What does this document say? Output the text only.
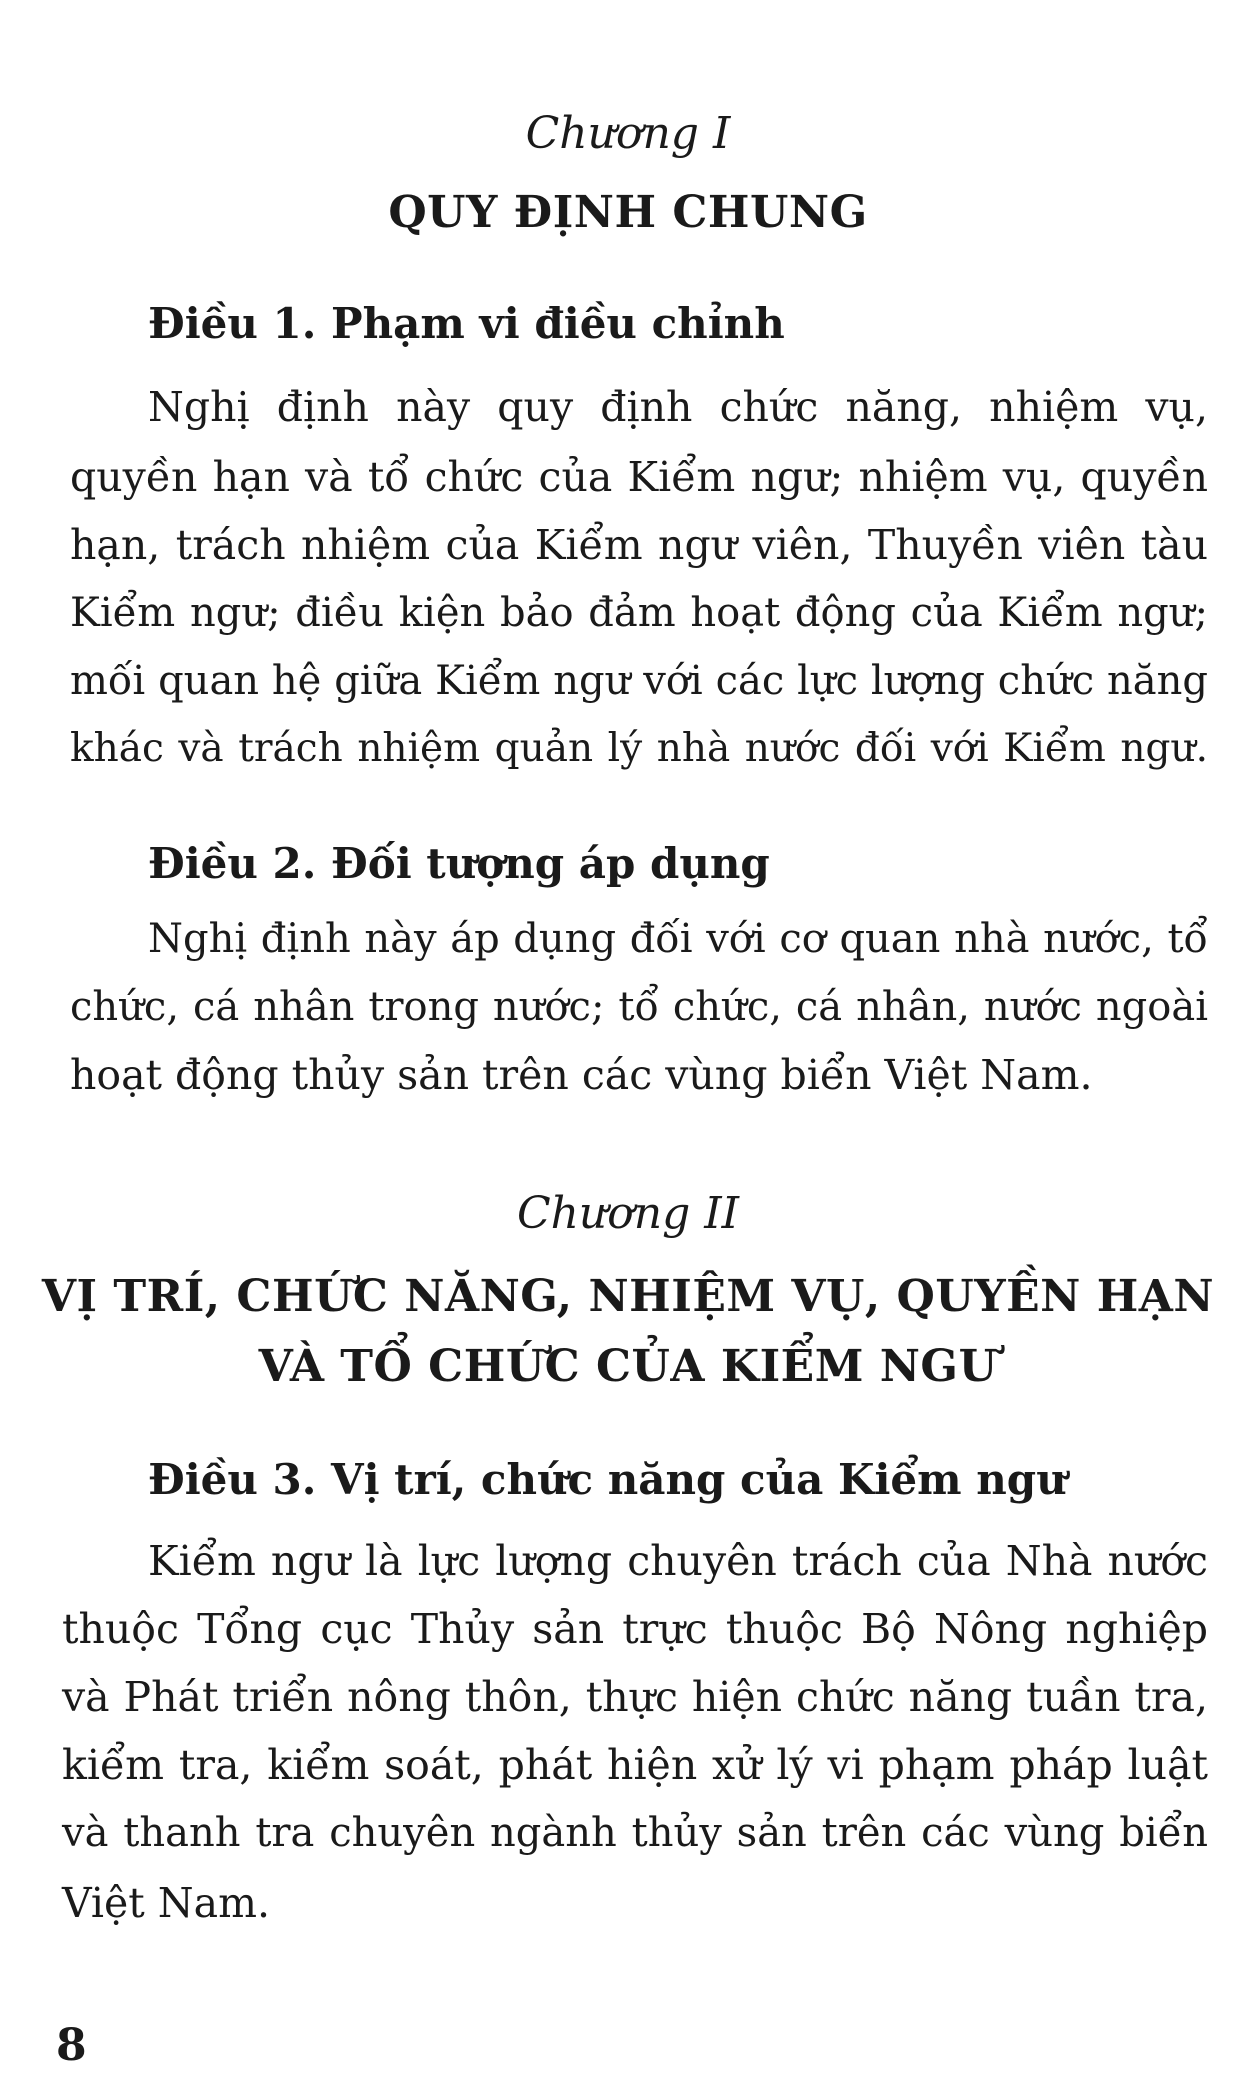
Chương I
QUY ĐỊNH CHUNG
Điều 1. Phạm vi điều chỉnh
Nghị định này quy định chức năng, nhiệm vụ,
quyền hạn và tổ chức của Kiểm ngư; nhiệm vụ, quyền
hạn, trách nhiệm của Kiểm ngư viên, Thuyền viên tàu
Kiểm ngư; điều kiện bảo đảm hoạt động của Kiểm ngư;
mối quan hệ giữa Kiểm ngư với các lực lượng chức năng
khác và trách nhiệm quản lý nhà nước đối với Kiểm ngư.
Điều 2. Đối tượng áp dụng
Nghị định này áp dụng đối với cơ quan nhà nước, tổ
chức, cá nhân trong nước; tổ chức, cá nhân, nước ngoài
hoạt động thủy sản trên các vùng biển Việt Nam.
Chương II
VỊ TRÍ, CHỨC NĂNG, NHIỆM VỤ, QUYỀN HẠN
VÀ TỔ CHỨC CỦA KIỂM NGƯ
Điều 3. Vị trí, chức năng của Kiểm ngư
Kiểm ngư là lực lượng chuyên trách của Nhà nước
thuộc Tổng cục Thủy sản trực thuộc Bộ Nông nghiệp
và Phát triển nông thôn, thực hiện chức năng tuần tra,
kiểm tra, kiểm soát, phát hiện xử lý vi phạm pháp luật
và thanh tra chuyên ngành thủy sản trên các vùng biển
Việt Nam.
8
